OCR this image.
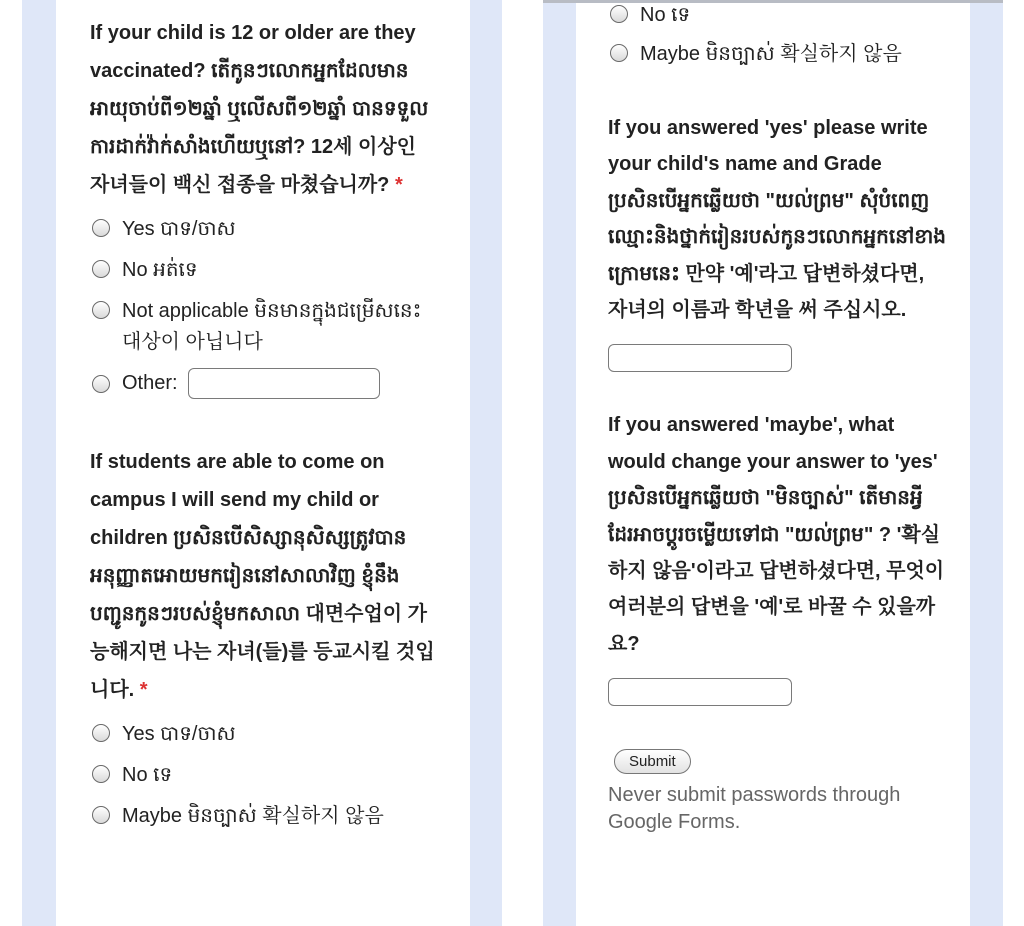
If your child is 12 or older are they vaccinated? តើកូនៗលោកអ្នកដែលមានអាយុចាប់ពី១២ឆ្នាំ ឬលើសពី១២ឆ្នាំ បានទទួលការដាក់វ៉ាក់សាំងហើយឬនៅ? 12세 이상인 자녀들이 백신 접종을 마쳤습니까? *

Yes បាទ/ចាស
No អត់ទេ
Not applicable មិនមានក្នុងជម្រើសនេះ 대상이 아닙니다
Other:

If students are able to come on campus I will send my child or children ប្រសិនបើសិស្សានុសិស្សត្រូវបានអនុញ្ញាតអោយមករៀននៅសាលាវិញ ខ្ញុំនឹងបញ្ជូនកូនៗរបស់ខ្ញុំមកសាលា 대면수업이 가능해지면 나는 자녀(들)를 등교시킬 것입니다. *

Yes បាទ/ចាស
No ទេ
Maybe មិនច្បាស់ 확실하지 않음
No ទេ
Maybe មិនច្បាស់ 확실하지 않음

If you answered 'yes' please write your child's name and Grade ប្រសិនបើអ្នកឆ្លើយថា "យល់ព្រម" សុំបំពេញឈ្មោះនិងថ្នាក់រៀនរបស់កូនៗលោកអ្នកនៅខាងក្រោមនេះ 만약 '예'라고 답변하셨다면, 자녀의 이름과 학년을 써 주십시오.

If you answered 'maybe', what would change your answer to 'yes' ប្រសិនបើអ្នកឆ្លើយថា "មិនច្បាស់" តើមានអ្វីដែរអាចប្តូរចម្លើយទៅជា "យល់ព្រម" ? '확실하지 않음'이라고 답변하셨다면, 무엇이 여러분의 답변을 '예'로 바꿀 수 있을까요?

Submit
Never submit passwords through Google Forms.
